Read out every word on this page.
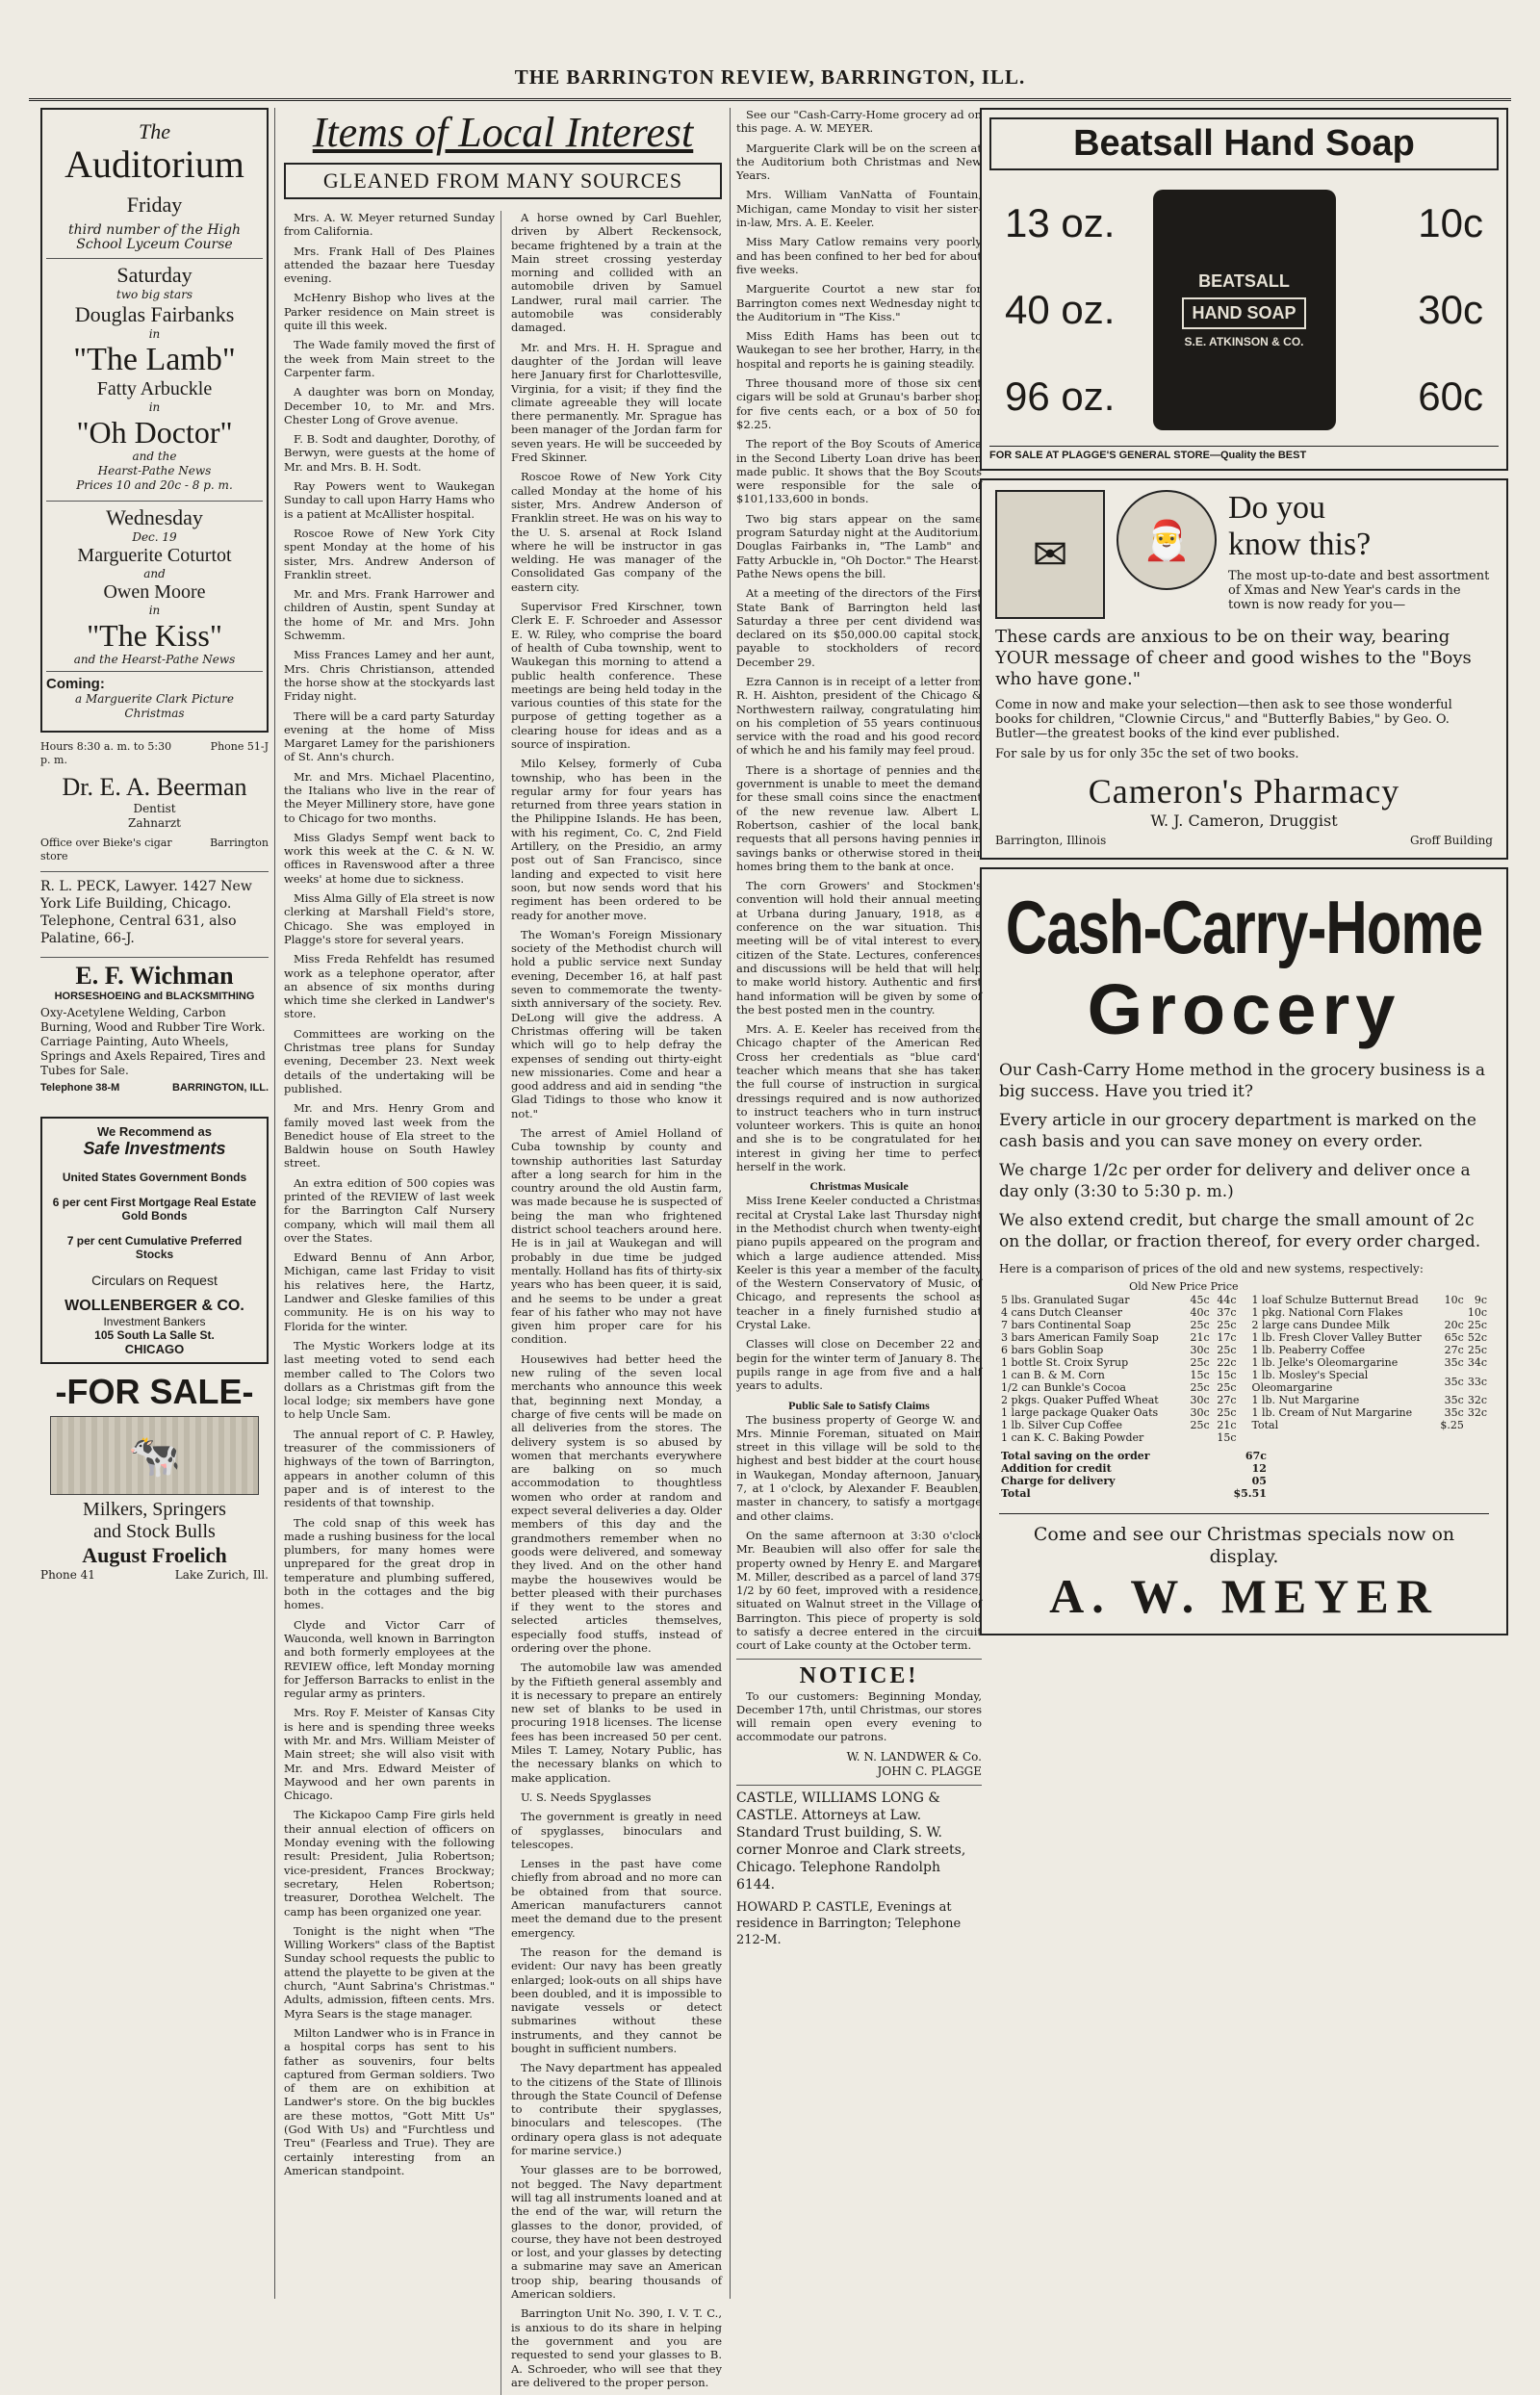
THE BARRINGTON REVIEW, BARRINGTON, ILL.
The
Auditorium
Friday
third number of the High School Lyceum Course
Saturday
two big stars
Douglas Fairbanks
in
"The Lamb"
Fatty Arbuckle
in
"Oh Doctor"
and the
Hearst-Pathe News
Prices 10 and 20c - 8 p. m.
Wednesday
Dec. 19
Marguerite Coturtot
and
Owen Moore
in
"The Kiss"
and the Hearst-Pathe News
Coming:
a Marguerite Clark Picture Christmas
Hours 8:30 a. m. to 5:30 p. m.
Phone 51-J
Dr. E. A. Beerman
Dentist
Zahnarzt
Office over Bieke's cigar store
Barrington
R. L. PECK, Lawyer. 1427 New York Life Building, Chicago. Telephone, Central 631, also Palatine, 66-J.
E. F. Wichman
HORSESHOEING and BLACKSMITHING
Oxy-Acetylene Welding, Carbon Burning, Wood and Rubber Tire Work. Carriage Painting, Auto Wheels, Springs and Axels Repaired, Tires and Tubes for Sale.
Telephone 38-M	BARRINGTON, ILL.
We Recommend as
Safe Investments
United States Government Bonds
6 per cent First Mortgage Real Estate Gold Bonds
7 per cent Cumulative Preferred Stocks
Circulars on Request
WOLLENBERGER & CO.
Investment Bankers
105 South La Salle St.
CHICAGO
-FOR SALE-
🐄
Milkers, Springers
and Stock Bulls
August Froelich
Phone 41	Lake Zurich, Ill.
Items of Local Interest
GLEANED FROM MANY SOURCES

Mrs. A. W. Meyer returned Sunday from California.

Mrs. Frank Hall of Des Plaines attended the bazaar here Tuesday evening.

McHenry Bishop who lives at the Parker residence on Main street is quite ill this week.

The Wade family moved the first of the week from Main street to the Carpenter farm.

A daughter was born on Monday, December 10, to Mr. and Mrs. Chester Long of Grove avenue.

F. B. Sodt and daughter, Dorothy, of Berwyn, were guests at the home of Mr. and Mrs. B. H. Sodt.

Ray Powers went to Waukegan Sunday to call upon Harry Hams who is a patient at McAllister hospital.

Roscoe Rowe of New York City spent Monday at the home of his sister, Mrs. Andrew Anderson of Franklin street.

Mr. and Mrs. Frank Harrower and children of Austin, spent Sunday at the home of Mr. and Mrs. John Schwemm.

Miss Frances Lamey and her aunt, Mrs. Chris Christianson, attended the horse show at the stockyards last Friday night.

There will be a card party Saturday evening at the home of Miss Margaret Lamey for the parishioners of St. Ann's church.

Mr. and Mrs. Michael Placentino, the Italians who live in the rear of the Meyer Millinery store, have gone to Chicago for two months.

Miss Gladys Sempf went back to work this week at the C. & N. W. offices in Ravenswood after a three weeks' at home due to sickness.

Miss Alma Gilly of Ela street is now clerking at Marshall Field's store, Chicago. She was employed in Plagge's store for several years.

Miss Freda Rehfeldt has resumed work as a telephone operator, after an absence of six months during which time she clerked in Landwer's store.

Committees are working on the Christmas tree plans for Sunday evening, December 23. Next week details of the undertaking will be published.

Mr. and Mrs. Henry Grom and family moved last week from the Benedict house of Ela street to the Baldwin house on South Hawley street.

An extra edition of 500 copies was printed of the REVIEW of last week for the Barrington Calf Nursery company, which will mail them all over the States.

Edward Bennu of Ann Arbor, Michigan, came last Friday to visit his relatives here, the Hartz, Landwer and Gleske families of this community. He is on his way to Florida for the winter.

The Mystic Workers lodge at its last meeting voted to send each member called to The Colors two dollars as a Christmas gift from the local lodge; six members have gone to help Uncle Sam.

The annual report of C. P. Hawley, treasurer of the commissioners of highways of the town of Barrington, appears in another column of this paper and is of interest to the residents of that township.

The cold snap of this week has made a rushing business for the local plumbers, for many homes were unprepared for the great drop in temperature and plumbing suffered, both in the cottages and the big homes.

Clyde and Victor Carr of Wauconda, well known in Barrington and both formerly employees at the REVIEW office, left Monday morning for Jefferson Barracks to enlist in the regular army as printers.

Mrs. Roy F. Meister of Kansas City is here and is spending three weeks with Mr. and Mrs. William Meister of Main street; she will also visit with Mr. and Mrs. Edward Meister of Maywood and her own parents in Chicago.

The Kickapoo Camp Fire girls held their annual election of officers on Monday evening with the following result: President, Julia Robertson; vice-president, Frances Brockway; secretary, Helen Robertson; treasurer, Dorothea Welchelt. The camp has been organized one year.

Tonight is the night when "The Willing Workers" class of the Baptist Sunday school requests the public to attend the playette to be given at the church, "Aunt Sabrina's Christmas." Adults, admission, fifteen cents. Mrs. Myra Sears is the stage manager.

Milton Landwer who is in France in a hospital corps has sent to his father as souvenirs, four belts captured from German soldiers. Two of them are on exhibition at Landwer's store. On the big buckles are these mottos, "Gott Mitt Us" (God With Us) and "Furchtless und Treu" (Fearless and True). They are certainly interesting from an American standpoint.

A horse owned by Carl Buehler, driven by Albert Reckensock, became frightened by a train at the Main street crossing yesterday morning and collided with an automobile driven by Samuel Landwer, rural mail carrier. The automobile was considerably damaged.

Mr. and Mrs. H. H. Sprague and daughter of the Jordan will leave here January first for Charlottesville, Virginia, for a visit; if they find the climate agreeable they will locate there permanently. Mr. Sprague has been manager of the Jordan farm for seven years. He will be succeeded by Fred Skinner.

Roscoe Rowe of New York City called Monday at the home of his sister, Mrs. Andrew Anderson of Franklin street. He was on his way to the U. S. arsenal at Rock Island where he will be instructor in gas welding. He was manager of the Consolidated Gas company of the eastern city.

Supervisor Fred Kirschner, town Clerk E. F. Schroeder and Assessor E. W. Riley, who comprise the board of health of Cuba township, went to Waukegan this morning to attend a public health conference. These meetings are being held today in the various counties of this state for the purpose of getting together as a clearing house for ideas and as a source of inspiration.

Milo Kelsey, formerly of Cuba township, who has been in the regular army for four years has returned from three years station in the Philippine Islands. He has been, with his regiment, Co. C, 2nd Field Artillery, on the Presidio, an army post out of San Francisco, since landing and expected to visit here soon, but now sends word that his regiment has been ordered to be ready for another move.

The Woman's Foreign Missionary society of the Methodist church will hold a public service next Sunday evening, December 16, at half past seven to commemorate the twenty-sixth anniversary of the society. Rev. DeLong will give the address. A Christmas offering will be taken which will go to help defray the expenses of sending out thirty-eight new missionaries. Come and hear a good address and aid in sending "the Glad Tidings to those who know it not."

The arrest of Amiel Holland of Cuba township by county and township authorities last Saturday after a long search for him in the country around the old Austin farm, was made because he is suspected of being the man who frightened district school teachers around here. He is in jail at Waukegan and will probably in due time be judged mentally. Holland has fits of thirty-six years who has been queer, it is said, and he seems to be under a great fear of his father who may not have given him proper care for his condition.

Housewives had better heed the new ruling of the seven local merchants who announce this week that, beginning next Monday, a charge of five cents will be made on all deliveries from the stores. The delivery system is so abused by women that merchants everywhere are balking on so much accommodation to thoughtless women who order at random and expect several deliveries a day. Older members of this day and the grandmothers remember when no goods were delivered, and someway they lived. And on the other hand maybe the housewives would be better pleased with their purchases if they went to the stores and selected articles themselves, especially food stuffs, instead of ordering over the phone.

The automobile law was amended by the Fiftieth general assembly and it is necessary to prepare an entirely new set of blanks to be used in procuring 1918 licenses. The license fees has been increased 50 per cent. Miles T. Lamey, Notary Public, has the necessary blanks on which to make application.

U. S. Needs Spyglasses

The government is greatly in need of spyglasses, binoculars and telescopes.

Lenses in the past have come chiefly from abroad and no more can be obtained from that source. American manufacturers cannot meet the demand due to the present emergency.

The reason for the demand is evident: Our navy has been greatly enlarged; look-outs on all ships have been doubled, and it is impossible to navigate vessels or detect submarines without these instruments, and they cannot be bought in sufficient numbers.

The Navy department has appealed to the citizens of the State of Illinois through the State Council of Defense to contribute their spyglasses, binoculars and telescopes. (The ordinary opera glass is not adequate for marine service.)

Your glasses are to be borrowed, not begged. The Navy department will tag all instruments loaned and at the end of the war, will return the glasses to the donor, provided, of course, they have not been destroyed or lost, and your glasses by detecting a submarine may save an American troop ship, bearing thousands of American soldiers.

Barrington Unit No. 390, I. V. T. C., is anxious to do its share in helping the government and you are requested to send your glasses to B. A. Schroeder, who will see that they are delivered to the proper person.

See our "Cash-Carry-Home grocery ad on this page. A. W. MEYER.

Marguerite Clark will be on the screen at the Auditorium both Christmas and New Years.

Mrs. William VanNatta of Fountain, Michigan, came Monday to visit her sister-in-law, Mrs. A. E. Keeler.

Miss Mary Catlow remains very poorly and has been confined to her bed for about five weeks.

Marguerite Courtot a new star for Barrington comes next Wednesday night to the Auditorium in "The Kiss."

Miss Edith Hams has been out to Waukegan to see her brother, Harry, in the hospital and reports he is gaining steadily.

Three thousand more of those six cent cigars will be sold at Grunau's barber shop for five cents each, or a box of 50 for $2.25.

The report of the Boy Scouts of America in the Second Liberty Loan drive has been made public. It shows that the Boy Scouts were responsible for the sale of $101,133,600 in bonds.

Two big stars appear on the same program Saturday night at the Auditorium. Douglas Fairbanks in, "The Lamb" and Fatty Arbuckle in, "Oh Doctor." The Hearst-Pathe News opens the bill.

At a meeting of the directors of the First State Bank of Barrington held last Saturday a three per cent dividend was declared on its $50,000.00 capital stock, payable to stockholders of record December 29.

Ezra Cannon is in receipt of a letter from R. H. Aishton, president of the Chicago & Northwestern railway, congratulating him on his completion of 55 years continuous service with the road and his good record of which he and his family may feel proud.

There is a shortage of pennies and the government is unable to meet the demand for these small coins since the enactment of the new revenue law. Albert L. Robertson, cashier of the local bank, requests that all persons having pennies in savings banks or otherwise stored in their homes bring them to the bank at once.

The corn Growers' and Stockmen's convention will hold their annual meeting at Urbana during January, 1918, as a conference on the war situation. This meeting will be of vital interest to every citizen of the State. Lectures, conferences and discussions will be held that will help to make world history. Authentic and first hand information will be given by some of the best posted men in the country.

Mrs. A. E. Keeler has received from the Chicago chapter of the American Red Cross her credentials as "blue card" teacher which means that she has taken the full course of instruction in surgical dressings required and is now authorized to instruct teachers who in turn instruct volunteer workers. This is quite an honor and she is to be congratulated for her interest in giving her time to perfect herself in the work.

Christmas Musicale

Miss Irene Keeler conducted a Christmas recital at Crystal Lake last Thursday night in the Methodist church when twenty-eight piano pupils appeared on the program and which a large audience attended. Miss Keeler is this year a member of the faculty of the Western Conservatory of Music, of Chicago, and represents the school as teacher in a finely furnished studio at Crystal Lake.

Classes will close on December 22 and begin for the winter term of January 8. The pupils range in age from five and a half years to adults.

Public Sale to Satisfy Claims

The business property of George W. and Mrs. Minnie Foreman, situated on Main street in this village will be sold to the highest and best bidder at the court house in Waukegan, Monday afternoon, January 7, at 1 o'clock, by Alexander F. Beaublen, master in chancery, to satisfy a mortgage and other claims.

On the same afternoon at 3:30 o'clock Mr. Beaubien will also offer for sale the property owned by Henry E. and Margaret M. Miller, described as a parcel of land 379 1/2 by 60 feet, improved with a residence, situated on Walnut street in the Village of Barrington. This piece of property is sold to satisfy a decree entered in the circuit court of Lake county at the October term.

NOTICE!

To our customers: Beginning Monday, December 17th, until Christmas, our stores will remain open every evening to accommodate our patrons.

W. N. LANDWER & Co.
JOHN C. PLAGGE
CASTLE, WILLIAMS LONG & CASTLE. Attorneys at Law. Standard Trust building, S. W. corner Monroe and Clark streets, Chicago. Telephone Randolph 6144.
HOWARD P. CASTLE, Evenings at residence in Barrington; Telephone 212-M.
Beatsall Hand Soap
13 oz.
40 oz.
96 oz.
BEATSALL
HAND SOAP
S.E. ATKINSON & CO.
10c
30c
60c
FOR SALE AT PLAGGE'S GENERAL STORE—Quality the BEST
✉	🎅
Do you
know this?
The most up-to-date and best assortment of Xmas and New Year's cards in the town is now ready for you—
These cards are anxious to be on their way, bearing YOUR message of cheer and good wishes to the "Boys who have gone."
Come in now and make your selection—then ask to see those wonderful books for children, "Clownie Circus," and "Butterfly Babies," by Geo. O. Butler—the greatest books of the kind ever published.
For sale by us for only 35c the set of two books.
Cameron's Pharmacy
W. J. Cameron, Druggist
Barrington, Illinois	Groff Building
Cash-Carry-Home
Grocery
Our Cash-Carry Home method in the grocery business is a big success. Have you tried it?
Every article in our grocery department is marked on the cash basis and you can save money on every order.
We charge 1/2c per order for delivery and deliver once a day only (3:30 to 5:30 p. m.)
We also extend credit, but charge the small amount of 2c on the dollar, or fraction thereof, for every order charged.
Here is a comparison of prices of the old and new systems, respectively:
Old New Price Price
5 lbs. Granulated Sugar	45c	44c
4 cans Dutch Cleanser	40c	37c
7 bars Continental Soap	25c	25c
3 bars American Family Soap	21c	17c
6 bars Goblin Soap	30c	25c
1 bottle St. Croix Syrup	25c	22c
1 can B. & M. Corn	15c	15c
1/2 can Bunkle's Cocoa	25c	25c
2 pkgs. Quaker Puffed Wheat	30c	27c
1 large package Quaker Oats	30c	25c
1 lb. Silver Cup Coffee	25c	21c
1 can K. C. Baking Powder		15c
1 loaf Schulze Butternut Bread	10c	9c
1 pkg. National Corn Flakes		10c
2 large cans Dundee Milk	20c	25c
1 lb. Fresh Clover Valley Butter	65c	52c
1 lb. Peaberry Coffee	27c	25c
1 lb. Jelke's Oleomargarine	35c	34c
1 lb. Mosley's Special Oleomargarine	35c	33c
1 lb. Nut Margarine	35c	32c
1 lb. Cream of Nut Margarine	35c	32c
Total	$.25	
Total saving on the order	67c
Addition for credit	12
Charge for delivery	05
Total	$5.51
Come and see our Christmas specials now on display.
A. W. MEYER
